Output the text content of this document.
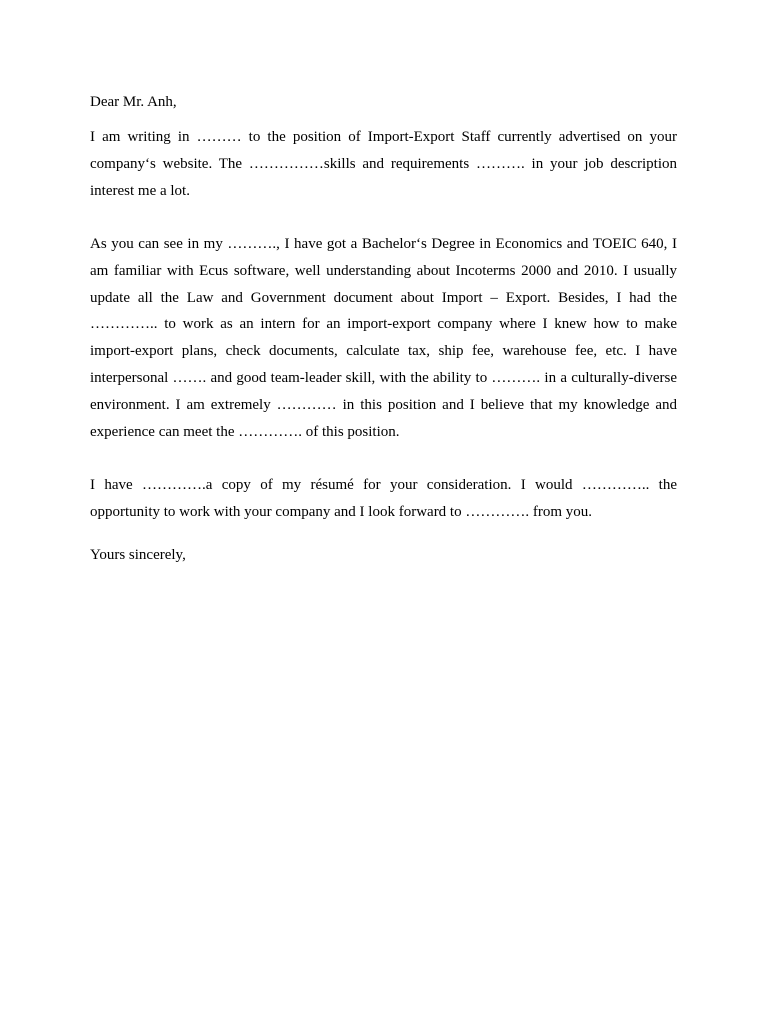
Dear Mr. Anh,

I am writing in ……… to the position of Import-Export Staff currently advertised on your company‘s website. The ……………skills and requirements ………. in your job description interest me a lot.

As you can see in my ………., I have got a Bachelor‘s Degree in Economics and TOEIC 640, I am familiar with Ecus software, well understanding about Incoterms 2000 and 2010. I usually update all the Law and Government document about Import – Export. Besides, I had the ………….. to work as an intern for an import-export company where I knew how to make import-export plans, check documents, calculate tax, ship fee, warehouse fee, etc. I have interpersonal ……. and good team-leader skill, with the ability to ………. in a culturally-diverse environment. I am extremely ………… in this position and I believe that my knowledge and experience can meet the …………. of this position.

I have ………….a copy of my résumé for your consideration. I would ………….. the opportunity to work with your company and I look forward to …………. from you.

Yours sincerely,
